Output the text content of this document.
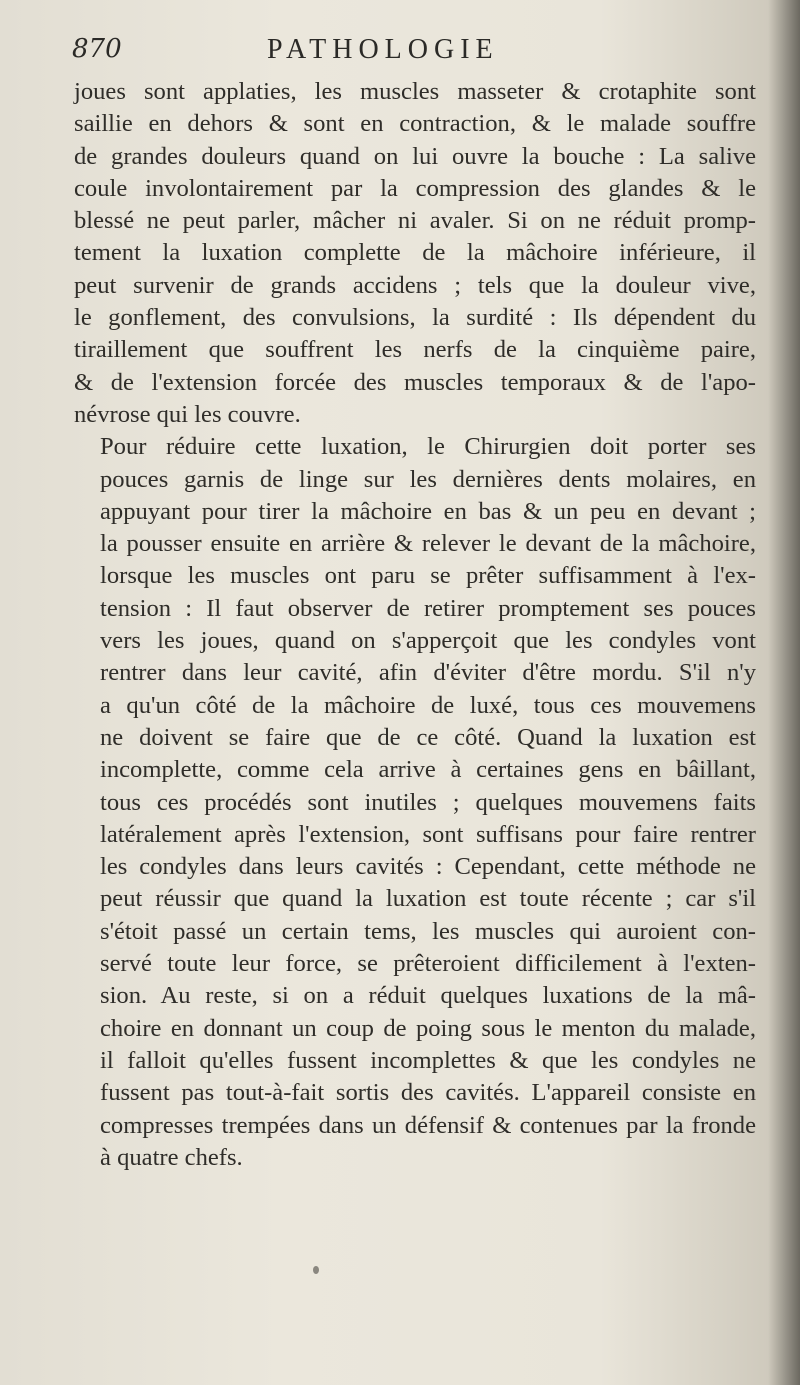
870	PATHOLOGIE

joues sont applaties, les muscles masseter & crotaphite sont
saillie en dehors & sont en contraction, & le malade souffre
de grandes douleurs quand on lui ouvre la bouche : La salive
coule involontairement par la compression des glandes & le
blessé ne peut parler, mâcher ni avaler. Si on ne réduit promp-
tement la luxation complette de la mâchoire inférieure, il
peut survenir de grands accidens ; tels que la douleur vive,
le gonflement, des convulsions, la surdité : Ils dépendent du
tiraillement que souffrent les nerfs de la cinquième paire,
& de l'extension forcée des muscles temporaux & de l'apo-
névrose qui les couvre.

Pour réduire cette luxation, le Chirurgien doit porter ses
pouces garnis de linge sur les dernières dents molaires, en
appuyant pour tirer la mâchoire en bas & un peu en devant ;
la pousser ensuite en arrière & relever le devant de la mâchoire,
lorsque les muscles ont paru se prêter suffisamment à l'ex-
tension : Il faut observer de retirer promptement ses pouces
vers les joues, quand on s'apperçoit que les condyles vont
rentrer dans leur cavité, afin d'éviter d'être mordu. S'il n'y
a qu'un côté de la mâchoire de luxé, tous ces mouvemens
ne doivent se faire que de ce côté. Quand la luxation est
incomplette, comme cela arrive à certaines gens en bâillant,
tous ces procédés sont inutiles ; quelques mouvemens faits
latéralement après l'extension, sont suffisans pour faire rentrer
les condyles dans leurs cavités : Cependant, cette méthode ne
peut réussir que quand la luxation est toute récente ; car s'il
s'étoit passé un certain tems, les muscles qui auroient con-
servé toute leur force, se prêteroient difficilement à l'exten-
sion. Au reste, si on a réduit quelques luxations de la mâ-
choire en donnant un coup de poing sous le menton du malade,
il falloit qu'elles fussent incomplettes & que les condyles ne
fussent pas tout-à-fait sortis des cavités. L'appareil consiste en
compresses trempées dans un défensif & contenues par la fronde
à quatre chefs.
